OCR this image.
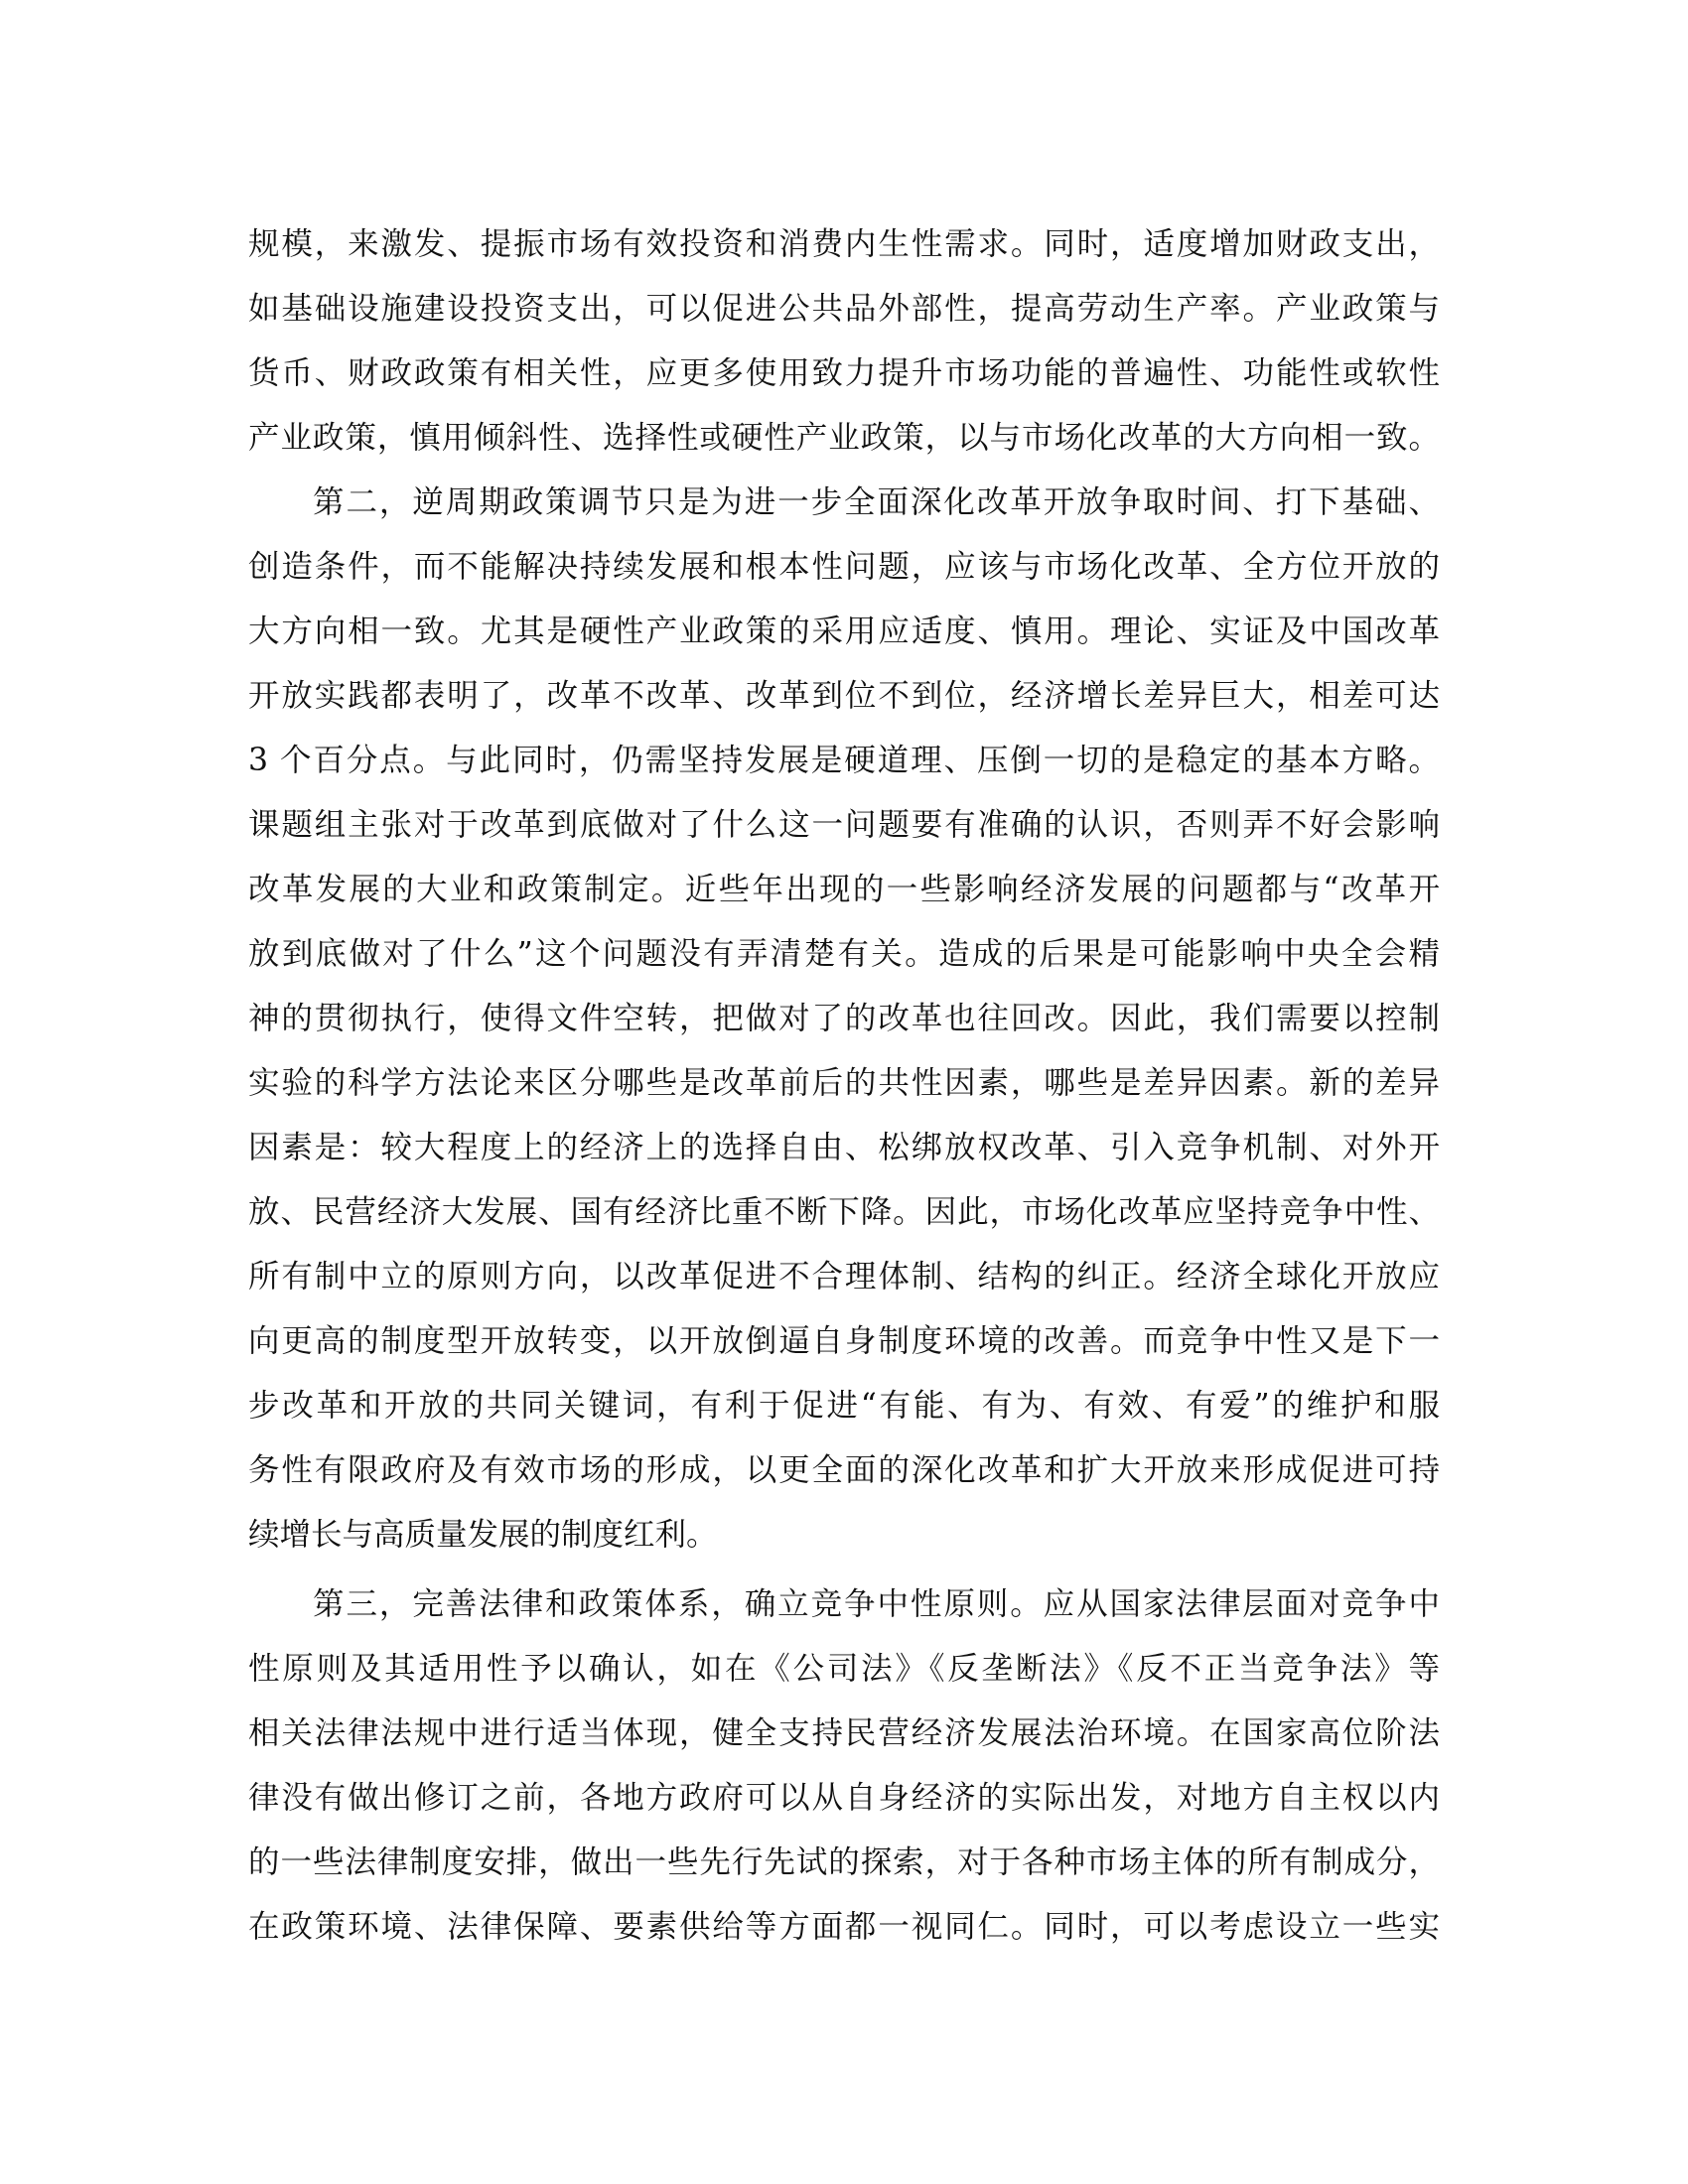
规模，来激发、提振市场有效投资和消费内生性需求。同时，适度增加财政支出，
如基础设施建设投资支出，可以促进公共品外部性，提高劳动生产率。产业政策与
货币、财政政策有相关性，应更多使用致力提升市场功能的普遍性、功能性或软性
产业政策，慎用倾斜性、选择性或硬性产业政策，以与市场化改革的大方向相一致。
第二，逆周期政策调节只是为进一步全面深化改革开放争取时间、打下基础、
创造条件，而不能解决持续发展和根本性问题，应该与市场化改革、全方位开放的
大方向相一致。尤其是硬性产业政策的采用应适度、慎用。理论、实证及中国改革
开放实践都表明了，改革不改革、改革到位不到位，经济增长差异巨大，相差可达
3 个百分点。与此同时，仍需坚持发展是硬道理、压倒一切的是稳定的基本方略。
课题组主张对于改革到底做对了什么这一问题要有准确的认识，否则弄不好会影响
改革发展的大业和政策制定。近些年出现的一些影响经济发展的问题都与“改革开
放到底做对了什么”这个问题没有弄清楚有关。造成的后果是可能影响中央全会精
神的贯彻执行，使得文件空转，把做对了的改革也往回改。因此，我们需要以控制
实验的科学方法论来区分哪些是改革前后的共性因素，哪些是差异因素。新的差异
因素是：较大程度上的经济上的选择自由、松绑放权改革、引入竞争机制、对外开
放、民营经济大发展、国有经济比重不断下降。因此，市场化改革应坚持竞争中性、
所有制中立的原则方向，以改革促进不合理体制、结构的纠正。经济全球化开放应
向更高的制度型开放转变，以开放倒逼自身制度环境的改善。而竞争中性又是下一
步改革和开放的共同关键词，有利于促进“有能、有为、有效、有爱”的维护和服
务性有限政府及有效市场的形成，以更全面的深化改革和扩大开放来形成促进可持
续增长与高质量发展的制度红利。
第三，完善法律和政策体系，确立竞争中性原则。应从国家法律层面对竞争中
性原则及其适用性予以确认，如在《公司法》《反垄断法》《反不正当竞争法》等
相关法律法规中进行适当体现，健全支持民营经济发展法治环境。在国家高位阶法
律没有做出修订之前，各地方政府可以从自身经济的实际出发，对地方自主权以内
的一些法律制度安排，做出一些先行先试的探索，对于各种市场主体的所有制成分，
在政策环境、法律保障、要素供给等方面都一视同仁。同时，可以考虑设立一些实
